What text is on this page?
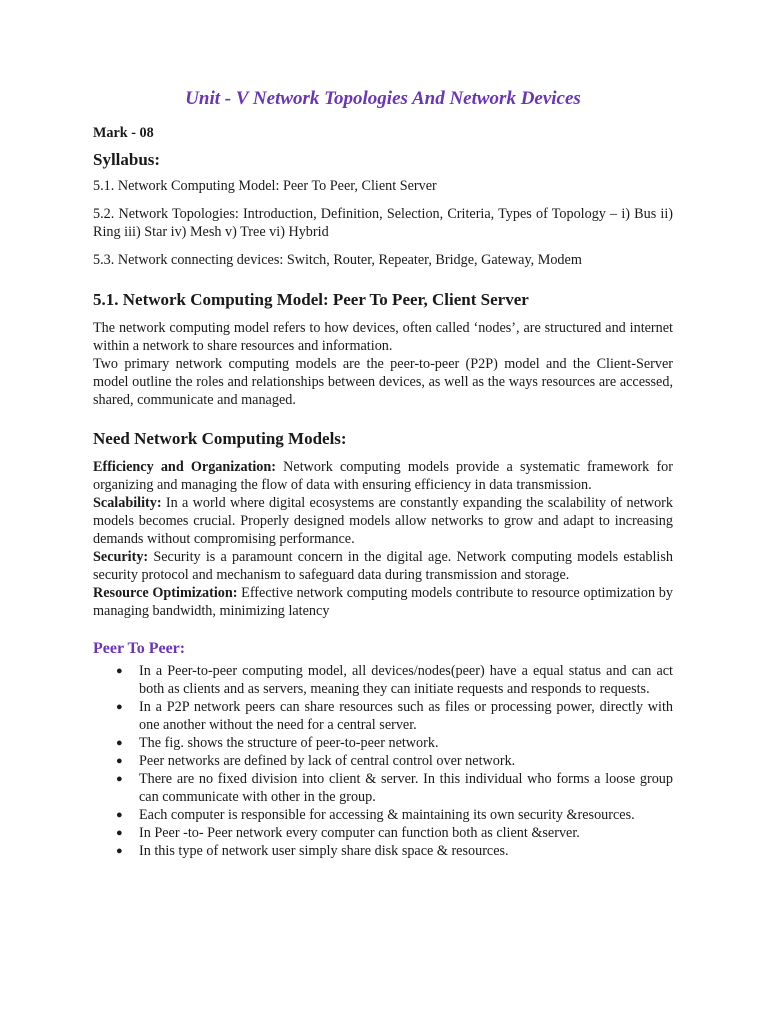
Unit - V Network Topologies And Network Devices
Mark - 08
Syllabus:
5.1. Network Computing Model: Peer To Peer, Client Server
5.2. Network Topologies: Introduction, Definition, Selection, Criteria, Types of Topology – i) Bus ii) Ring iii) Star iv) Mesh v) Tree vi) Hybrid
5.3. Network connecting devices: Switch, Router, Repeater, Bridge, Gateway, Modem
5.1. Network Computing Model: Peer To Peer, Client Server
The network computing model refers to how devices, often called ‘nodes’, are structured and internet within a network to share resources and information.
Two primary network computing models are the peer-to-peer (P2P) model and the Client-Server model outline the roles and relationships between devices, as well as the ways resources are accessed, shared, communicate and managed.
Need Network Computing Models:
Efficiency and Organization: Network computing models provide a systematic framework for organizing and managing the flow of data with ensuring efficiency in data transmission.
Scalability: In a world where digital ecosystems are constantly expanding the scalability of network models becomes crucial. Properly designed models allow networks to grow and adapt to increasing demands without compromising performance.
Security: Security is a paramount concern in the digital age. Network computing models establish security protocol and mechanism to safeguard data during transmission and storage.
Resource Optimization: Effective network computing models contribute to resource optimization by managing bandwidth, minimizing latency
Peer To Peer:
● In a Peer-to-peer computing model, all devices/nodes(peer) have a equal status and can act both as clients and as servers, meaning they can initiate requests and responds to requests.
● In a P2P network peers can share resources such as files or processing power, directly with one another without the need for a central server.
● The fig. shows the structure of peer-to-peer network.
● Peer networks are defined by lack of central control over network.
● There are no fixed division into client & server. In this individual who forms a loose group can communicate with other in the group.
● Each computer is responsible for accessing & maintaining its own security &resources.
● In Peer -to- Peer network every computer can function both as client &server.
● In this type of network user simply share disk space & resources.
